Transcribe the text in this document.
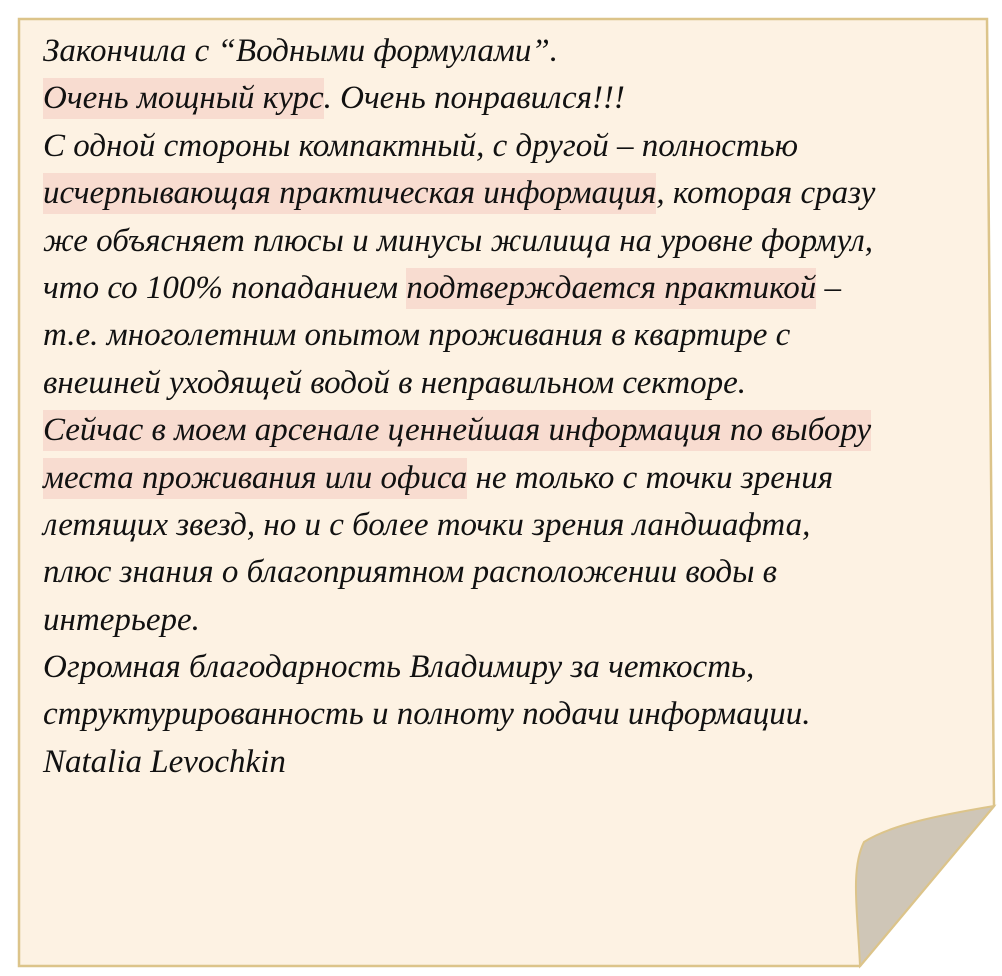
Закончила с “Водными формулами”.
Очень мощный курс. Очень понравился!!!
С одной стороны компактный, с другой – полностью
исчерпывающая практическая информация, которая сразу
же объясняет плюсы и минусы жилища на уровне формул,
что со 100% попаданием подтверждается практикой –
т.е. многолетним опытом проживания в квартире с
внешней уходящей водой в неправильном секторе.
Сейчас в моем арсенале ценнейшая информация по выбору
места проживания или офиса не только с точки зрения
летящих звезд, но и с более точки зрения ландшафта,
плюс знания о благоприятном расположении воды в
интерьере.
Огромная благодарность Владимиру за четкость,
структурированность и полноту подачи информации.
Natalia Levochkin
